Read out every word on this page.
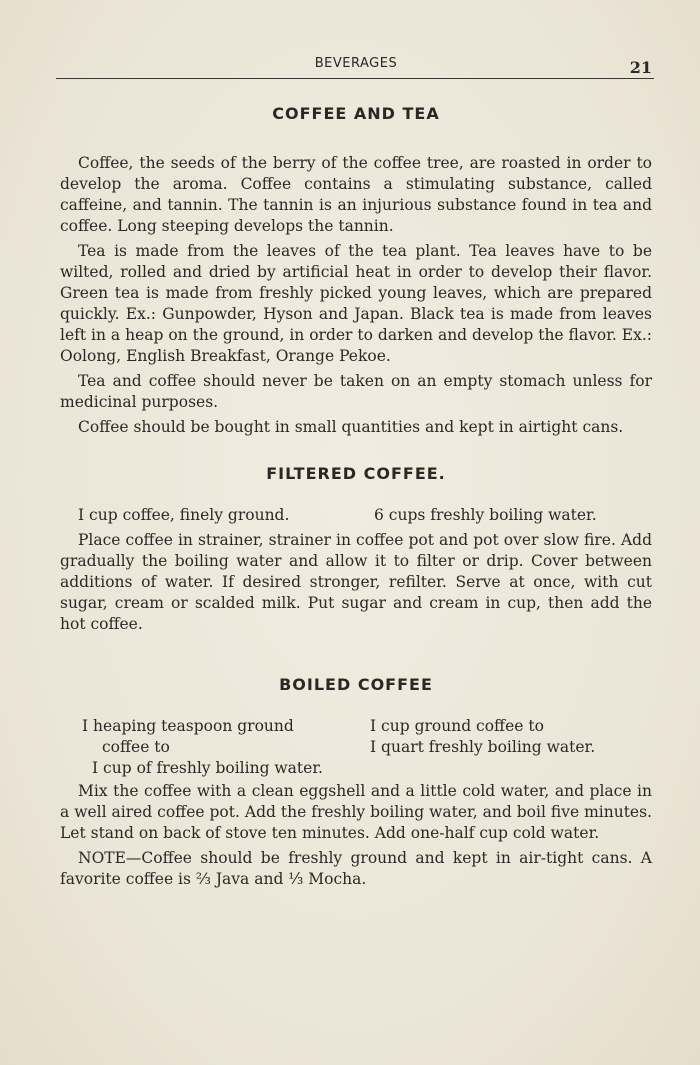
BEVERAGES	21
COFFEE AND TEA

Coffee, the seeds of the berry of the coffee tree, are roasted in order to develop the aroma. Coffee contains a stimulating substance, called caffeine, and tannin. The tannin is an injurious substance found in tea and coffee. Long steeping develops the tannin.

Tea is made from the leaves of the tea plant. Tea leaves have to be wilted, rolled and dried by artificial heat in order to develop their flavor. Green tea is made from freshly picked young leaves, which are prepared quickly. Ex.: Gunpowder, Hyson and Japan. Black tea is made from leaves left in a heap on the ground, in order to darken and develop the flavor. Ex.: Oolong, English Breakfast, Orange Pekoe.

Tea and coffee should never be taken on an empty stomach unless for medicinal purposes.

Coffee should be bought in small quantities and kept in airtight cans.

FILTERED COFFEE.
I cup coffee, finely ground.	6 cups freshly boiling water.

Place coffee in strainer, strainer in coffee pot and pot over slow fire. Add gradually the boiling water and allow it to filter or drip. Cover between additions of water. If desired stronger, refilter. Serve at once, with cut sugar, cream or scalded milk. Put sugar and cream in cup, then add the hot coffee.

BOILED COFFEE
I heaping teaspoon ground coffee to
I cup ground coffee to
I quart freshly boiling water.
I cup of freshly boiling water.

Mix the coffee with a clean eggshell and a little cold water, and place in a well aired coffee pot. Add the freshly boiling water, and boil five minutes. Let stand on back of stove ten minutes. Add one-half cup cold water.

NOTE—Coffee should be freshly ground and kept in air-tight cans. A favorite coffee is ⅔ Java and ⅓ Mocha.
